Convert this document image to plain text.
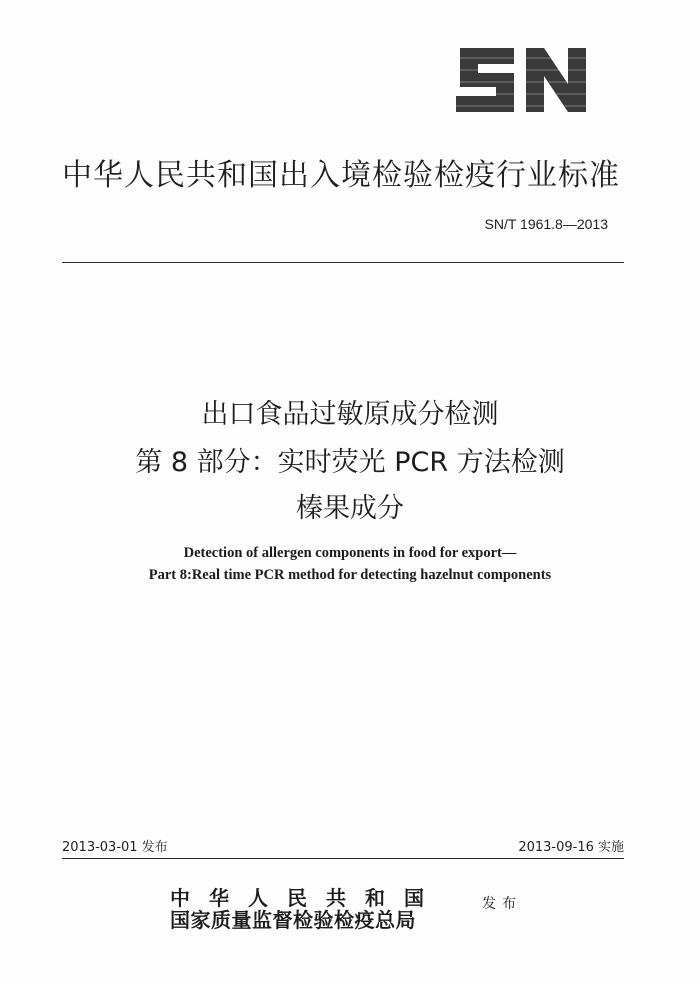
中华人民共和国出入境检验检疫行业标准
SN/T 1961.8—2013
出口食品过敏原成分检测
第 8 部分：实时荧光 PCR 方法检测
榛果成分
Detection of allergen components in food for export—
Part 8:Real time PCR method for detecting hazelnut components
2013-03-01 发布	2013-09-16 实施
中华人民共和国
国家质量监督检验检疫总局
发布
